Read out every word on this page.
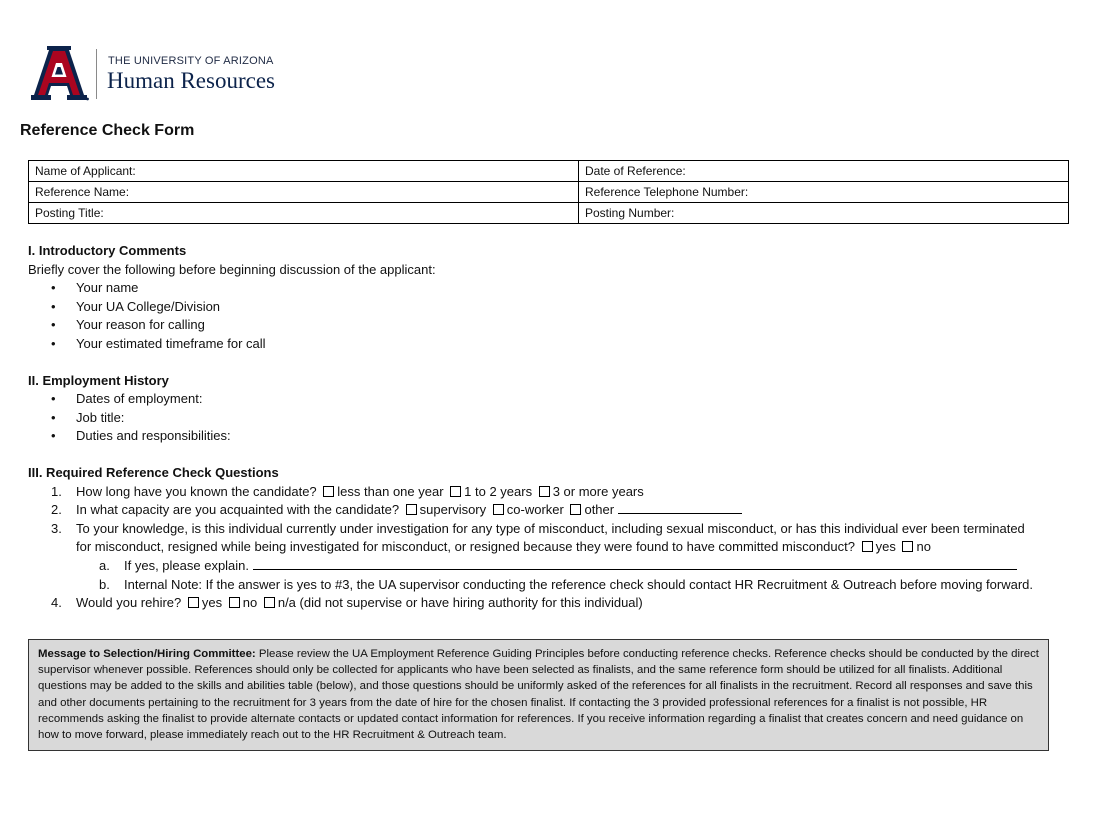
THE UNIVERSITY OF ARIZONA
Human Resources
Reference Check Form
Name of Applicant:	Date of Reference:
Reference Name:	Reference Telephone Number:
Posting Title:	Posting Number:
I. Introductory Comments
Briefly cover the following before beginning discussion of the applicant:
• Your name
• Your UA College/Division
• Your reason for calling
• Your estimated timeframe for call
II. Employment History
• Dates of employment:
• Job title:
• Duties and responsibilities:
III. Required Reference Check Questions
1. How long have you known the candidate? less than one year 1 to 2 years 3 or more years
2. In what capacity are you acquainted with the candidate? supervisory co-worker other
3. To your knowledge, is this individual currently under investigation for any type of misconduct, including sexual misconduct, or has this individual ever been terminated
for misconduct, resigned while being investigated for misconduct, or resigned because they were found to have committed misconduct? yes no
a. If yes, please explain.
b. Internal Note: If the answer is yes to #3, the UA supervisor conducting the reference check should contact HR Recruitment & Outreach before moving forward.
4. Would you rehire? yes no n/a (did not supervise or have hiring authority for this individual)
Message to Selection/Hiring Committee: Please review the UA Employment Reference Guiding Principles before conducting reference checks. Reference checks should be conducted by the direct supervisor whenever possible. References should only be collected for applicants who have been selected as finalists, and the same reference form should be utilized for all finalists. Additional questions may be added to the skills and abilities table (below), and those questions should be uniformly asked of the references for all finalists in the recruitment. Record all responses and save this and other documents pertaining to the recruitment for 3 years from the date of hire for the chosen finalist. If contacting the 3 provided professional references for a finalist is not possible, HR recommends asking the finalist to provide alternate contacts or updated contact information for references. If you receive information regarding a finalist that creates concern and need guidance on how to move forward, please immediately reach out to the HR Recruitment & Outreach team.
